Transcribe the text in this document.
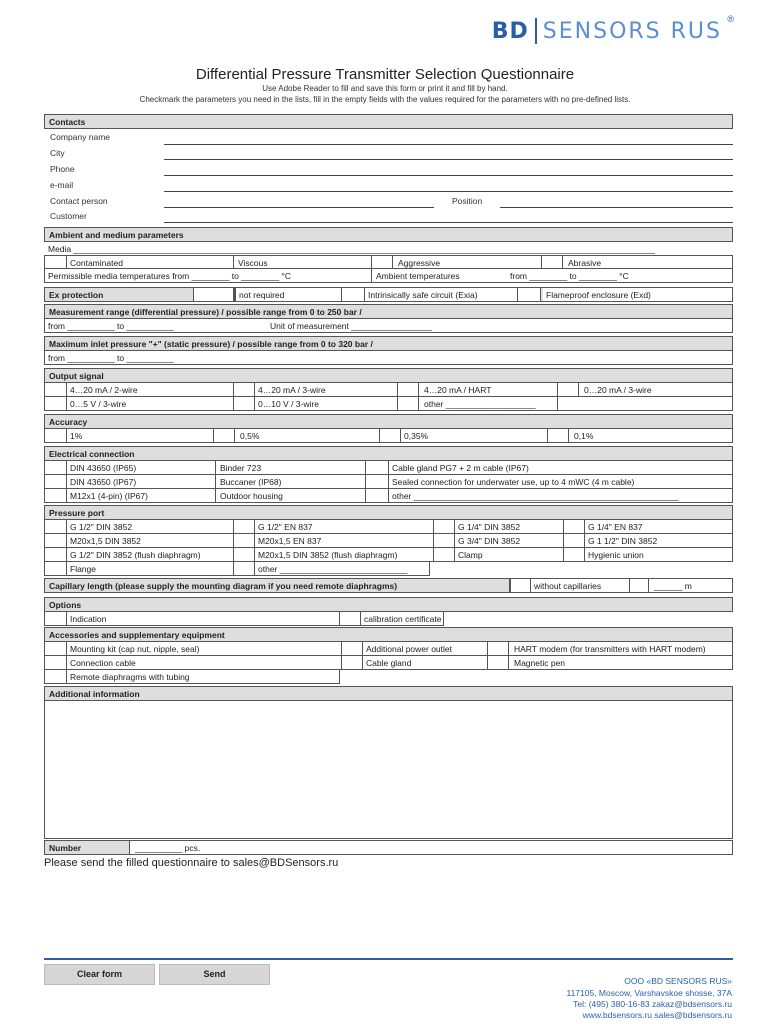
BD SENSORS RUS ®
Differential Pressure Transmitter Selection Questionnaire
Use Adobe Reader to fill and save this form or print it and fill by hand.
Checkmark the parameters you need in the lists, fill in the empty fields with the values required for the parameters with no pre-defined lists.
Contacts
Company name
City
Phone
e-mail
Contact person	Position
Customer
Ambient and medium parameters
Media ___________________________________________________________________________________________________________________________
Contaminated	Viscous	Aggressive	Abrasive
Permissible media temperatures from ________ to ________ °C	Ambient temperatures	from ________ to ________ °C
Ex protection	not required	Intrinsically safe circuit (Exia)	Flameproof enclosure (Exd)
Measurement range (differential pressure) / possible range from 0 to 250 bar /
from __________ to __________	Unit of measurement _________________
Maximum inlet pressure "+" (static pressure) / possible range from 0 to 320 bar /
from __________ to __________
Output signal
4…20 mA / 2-wire	4…20 mA / 3-wire	4…20 mA / HART	0…20 mA / 3-wire
0…5 V / 3-wire	0…10 V / 3-wire	other ___________________
Accuracy
1%	0,5%	0,35%	0,1%
Electrical connection
DIN 43650 (IP65)	Binder 723	Cable gland PG7 + 2 m cable (IP67)
DIN 43650 (IP67)	Buccaner (IP68)	Sealed connection for underwater use, up to 4 mWC (4 m cable)
M12x1 (4-pin) (IP67)	Outdoor housing	other ________________________________________________________
Pressure port
G 1/2" DIN 3852	G 1/2" EN 837	G 1/4" DIN 3852	G 1/4" EN 837
M20x1,5 DIN 3852	M20x1,5 EN 837	G 3/4" DIN 3852	G 1 1/2" DIN 3852
G 1/2" DIN 3852 (flush diaphragm)	M20x1,5 DIN 3852 (flush diaphragm)	Clamp	Hygienic union
Flange	other ___________________________
Capillary length (please supply the mounting diagram if you need remote diaphragms)	without capillaries	______ m
Options
Indication	calibration certificate
Accessories and supplementary equipment
Mounting kit (cap nut, nipple, seal)	Additional power outlet	HART modem (for transmitters with HART modem)
Connection cable	Cable gland	Magnetic pen
Remote diaphragms with tubing
Additional information
Number	__________ pcs.
Please send the filled questionnaire to sales@BDSensors.ru
Clear form	Send
ООО «BD SENSORS RUS»
117105, Moscow, Varshavskoe shosse, 37A
Tel: (495) 380-16-83 zakaz@bdsensors.ru
www.bdsensors.ru sales@bdsensors.ru
